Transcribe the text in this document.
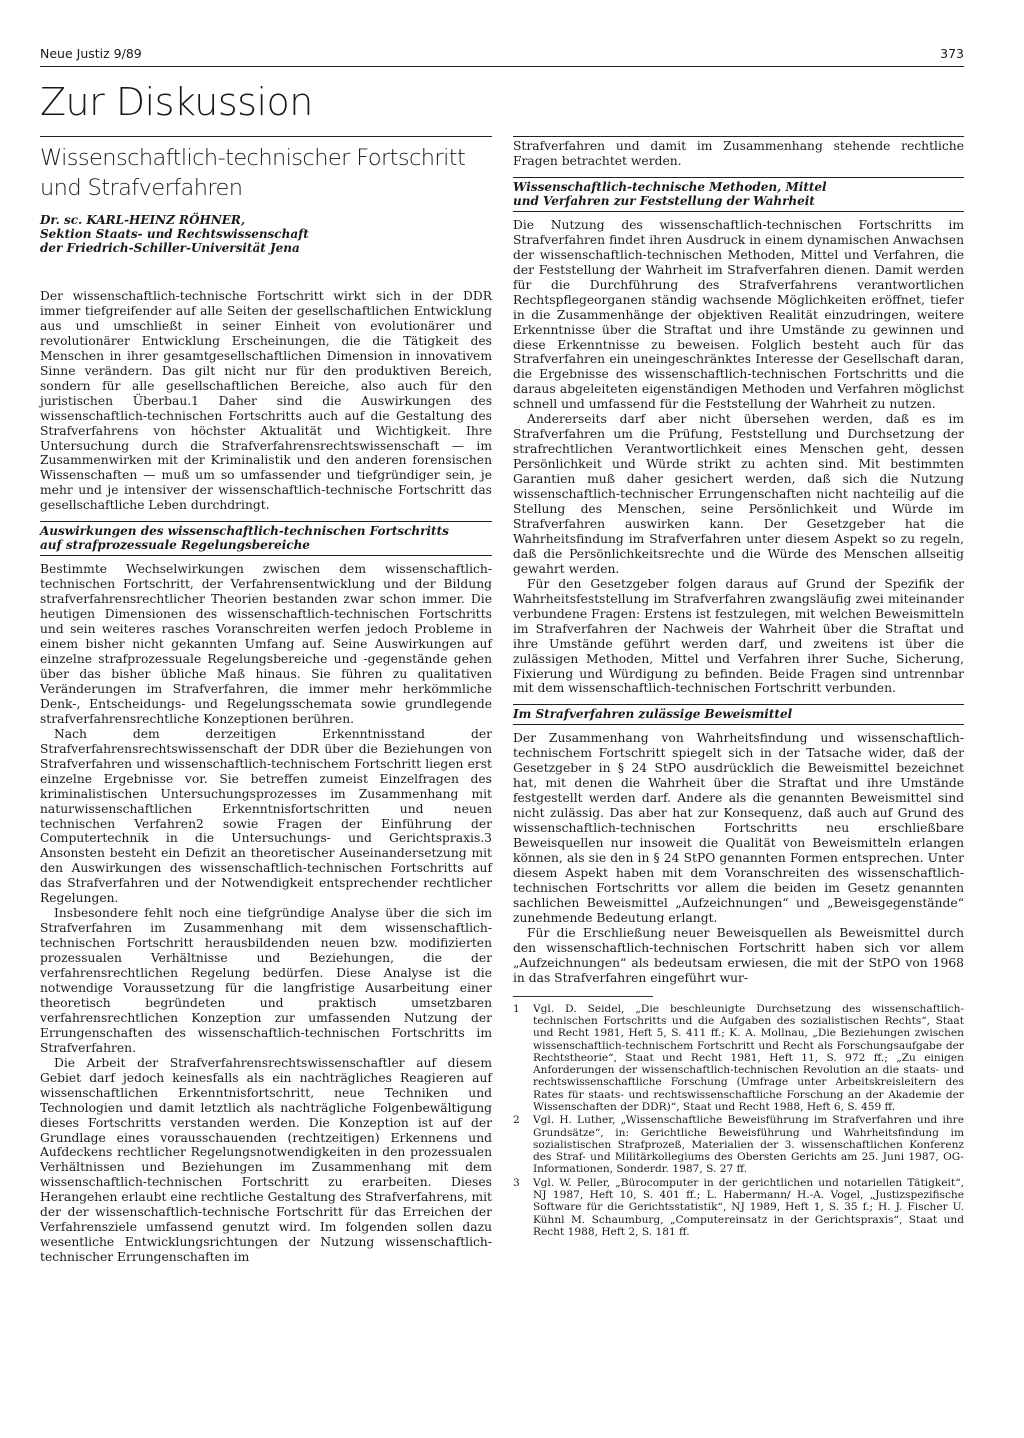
Neue Justiz 9/89	373
Zur Diskussion
Wissenschaftlich-technischer Fortschritt und Strafverfahren
Dr. sc. KARL-HEINZ RÖHNER,
Sektion Staats- und Rechtswissenschaft
der Friedrich-Schiller-Universität Jena

Der wissenschaftlich-technische Fortschritt wirkt sich in der DDR immer tiefgreifender auf alle Seiten der gesellschaftlichen Entwicklung aus und umschließt in seiner Einheit von evolutionärer und revolutionärer Entwicklung Erscheinungen, die die Tätigkeit des Menschen in ihrer gesamtgesellschaftlichen Dimension in innovativem Sinne verändern. Das gilt nicht nur für den produktiven Bereich, sondern für alle gesellschaftlichen Bereiche, also auch für den juristischen Überbau.1 Daher sind die Auswirkungen des wissenschaftlich-technischen Fortschritts auch auf die Gestaltung des Strafverfahrens von höchster Aktualität und Wichtigkeit. Ihre Untersuchung durch die Strafverfahrensrechtswissenschaft — im Zusammenwirken mit der Kriminalistik und den anderen forensischen Wissenschaften — muß um so umfassender und tiefgründiger sein, je mehr und je intensiver der wissenschaftlich-technische Fortschritt das gesellschaftliche Leben durchdringt.

Auswirkungen des wissenschaftlich-technischen Fortschritts
auf strafprozessuale Regelungsbereiche

Bestimmte Wechselwirkungen zwischen dem wissenschaftlich-technischen Fortschritt, der Verfahrensentwicklung und der Bildung strafverfahrensrechtlicher Theorien bestanden zwar schon immer. Die heutigen Dimensionen des wissenschaftlich-technischen Fortschritts und sein weiteres rasches Voranschreiten werfen jedoch Probleme in einem bisher nicht gekannten Umfang auf. Seine Auswirkungen auf einzelne strafprozessuale Regelungsbereiche und -gegenstände gehen über das bisher übliche Maß hinaus. Sie führen zu qualitativen Veränderungen im Strafverfahren, die immer mehr herkömmliche Denk-, Entscheidungs- und Regelungsschemata sowie grundlegende strafverfahrensrechtliche Konzeptionen berühren.

Nach dem derzeitigen Erkenntnisstand der Strafverfahrensrechtswissenschaft der DDR über die Beziehungen von Strafverfahren und wissenschaftlich-technischem Fortschritt liegen erst einzelne Ergebnisse vor. Sie betreffen zumeist Einzelfragen des kriminalistischen Untersuchungsprozesses im Zusammenhang mit naturwissenschaftlichen Erkenntnisfortschritten und neuen technischen Verfahren2 sowie Fragen der Einführung der Computertechnik in die Untersuchungs- und Gerichtspraxis.3 Ansonsten besteht ein Defizit an theoretischer Auseinandersetzung mit den Auswirkungen des wissenschaftlich-technischen Fortschritts auf das Strafverfahren und der Notwendigkeit entsprechender rechtlicher Regelungen.

Insbesondere fehlt noch eine tiefgründige Analyse über die sich im Strafverfahren im Zusammenhang mit dem wissenschaftlich-technischen Fortschritt herausbildenden neuen bzw. modifizierten prozessualen Verhältnisse und Beziehungen, die der verfahrensrechtlichen Regelung bedürfen. Diese Analyse ist die notwendige Voraussetzung für die langfristige Ausarbeitung einer theoretisch begründeten und praktisch umsetzbaren verfahrensrechtlichen Konzeption zur umfassenden Nutzung der Errungenschaften des wissenschaftlich-technischen Fortschritts im Strafverfahren.

Die Arbeit der Strafverfahrensrechtswissenschaftler auf diesem Gebiet darf jedoch keinesfalls als ein nachträgliches Reagieren auf wissenschaftlichen Erkenntnisfortschritt, neue Techniken und Technologien und damit letztlich als nachträgliche Folgenbewältigung dieses Fortschritts verstanden werden. Die Konzeption ist auf der Grundlage eines vorausschauenden (rechtzeitigen) Erkennens und Aufdeckens rechtlicher Regelungsnotwendigkeiten in den prozessualen Verhältnissen und Beziehungen im Zusammenhang mit dem wissenschaftlich-technischen Fortschritt zu erarbeiten. Dieses Herangehen erlaubt eine rechtliche Gestaltung des Strafverfahrens, mit der der wissenschaftlich-technische Fortschritt für das Erreichen der Verfahrensziele umfassend genutzt wird. Im folgenden sollen dazu wesentliche Entwicklungsrichtungen der Nutzung wissenschaftlich-technischer Errungenschaften im

Strafverfahren und damit im Zusammenhang stehende rechtliche Fragen betrachtet werden.

Wissenschaftlich-technische Methoden, Mittel
und Verfahren zur Feststellung der Wahrheit

Die Nutzung des wissenschaftlich-technischen Fortschritts im Strafverfahren findet ihren Ausdruck in einem dynamischen Anwachsen der wissenschaftlich-technischen Methoden, Mittel und Verfahren, die der Feststellung der Wahrheit im Strafverfahren dienen. Damit werden für die Durchführung des Strafverfahrens verantwortlichen Rechtspflegeorganen ständig wachsende Möglichkeiten eröffnet, tiefer in die Zusammenhänge der objektiven Realität einzudringen, weitere Erkenntnisse über die Straftat und ihre Umstände zu gewinnen und diese Erkenntnisse zu beweisen. Folglich besteht auch für das Strafverfahren ein uneingeschränktes Interesse der Gesellschaft daran, die Ergebnisse des wissenschaftlich-technischen Fortschritts und die daraus abgeleiteten eigenständigen Methoden und Verfahren möglichst schnell und umfassend für die Feststellung der Wahrheit zu nutzen.

Andererseits darf aber nicht übersehen werden, daß es im Strafverfahren um die Prüfung, Feststellung und Durchsetzung der strafrechtlichen Verantwortlichkeit eines Menschen geht, dessen Persönlichkeit und Würde strikt zu achten sind. Mit bestimmten Garantien muß daher gesichert werden, daß sich die Nutzung wissenschaftlich-technischer Errungenschaften nicht nachteilig auf die Stellung des Menschen, seine Persönlichkeit und Würde im Strafverfahren auswirken kann. Der Gesetzgeber hat die Wahrheitsfindung im Strafverfahren unter diesem Aspekt so zu regeln, daß die Persönlichkeitsrechte und die Würde des Menschen allseitig gewahrt werden.

Für den Gesetzgeber folgen daraus auf Grund der Spezifik der Wahrheitsfeststellung im Strafverfahren zwangsläufig zwei miteinander verbundene Fragen: Erstens ist festzulegen, mit welchen Beweismitteln im Strafverfahren der Nachweis der Wahrheit über die Straftat und ihre Umstände geführt werden darf, und zweitens ist über die zulässigen Methoden, Mittel und Verfahren ihrer Suche, Sicherung, Fixierung und Würdigung zu befinden. Beide Fragen sind untrennbar mit dem wissenschaftlich-technischen Fortschritt verbunden.

Im Strafverfahren zulässige Beweismittel

Der Zusammenhang von Wahrheitsfindung und wissenschaftlich-technischem Fortschritt spiegelt sich in der Tatsache wider, daß der Gesetzgeber in § 24 StPO ausdrücklich die Beweismittel bezeichnet hat, mit denen die Wahrheit über die Straftat und ihre Umstände festgestellt werden darf. Andere als die genannten Beweismittel sind nicht zulässig. Das aber hat zur Konsequenz, daß auch auf Grund des wissenschaftlich-technischen Fortschritts neu erschließbare Beweisquellen nur insoweit die Qualität von Beweismitteln erlangen können, als sie den in § 24 StPO genannten Formen entsprechen. Unter diesem Aspekt haben mit dem Voranschreiten des wissenschaftlich-technischen Fortschritts vor allem die beiden im Gesetz genannten sachlichen Beweismittel „Aufzeichnungen“ und „Beweisgegenstände“ zunehmende Bedeutung erlangt.

Für die Erschließung neuer Beweisquellen als Beweismittel durch den wissenschaftlich-technischen Fortschritt haben sich vor allem „Aufzeichnungen“ als bedeutsam erwiesen, die mit der StPO von 1968 in das Strafverfahren eingeführt wur-

1	Vgl. D. Seidel, „Die beschleunigte Durchsetzung des wissenschaftlich-technischen Fortschritts und die Aufgaben des sozialistischen Rechts“, Staat und Recht 1981, Heft 5, S. 411 ff.; K. A. Mollnau, „Die Beziehungen zwischen wissenschaftlich-technischem Fortschritt und Recht als Forschungsaufgabe der Rechtstheorie“, Staat und Recht 1981, Heft 11, S. 972 ff.; „Zu einigen Anforderungen der wissenschaftlich-technischen Revolution an die staats- und rechtswissenschaftliche Forschung (Umfrage unter Arbeitskreisleitern des Rates für staats- und rechtswissenschaftliche Forschung an der Akademie der Wissenschaften der DDR)“, Staat und Recht 1988, Heft 6, S. 459 ff.
2	Vgl. H. Luther, „Wissenschaftliche Beweisführung im Strafverfahren und ihre Grundsätze“, in: Gerichtliche Beweisführung und Wahrheitsfindung im sozialistischen Strafprozeß, Materialien der 3. wissenschaftlichen Konferenz des Straf- und Militärkollegiums des Obersten Gerichts am 25. Juni 1987, OG-Informationen, Sonderdr. 1987, S. 27 ff.
3	Vgl. W. Peller, „Bürocomputer in der gerichtlichen und notariellen Tätigkeit“, NJ 1987, Heft 10, S. 401 ff.; L. Habermann/ H.-A. Vogel, „Justizspezifische Software für die Gerichtsstatistik“, NJ 1989, Heft 1, S. 35 f.; H. J. Fischer U. Kühnl M. Schaumburg, „Computereinsatz in der Gerichtspraxis“, Staat und Recht 1988, Heft 2, S. 181 ff.
